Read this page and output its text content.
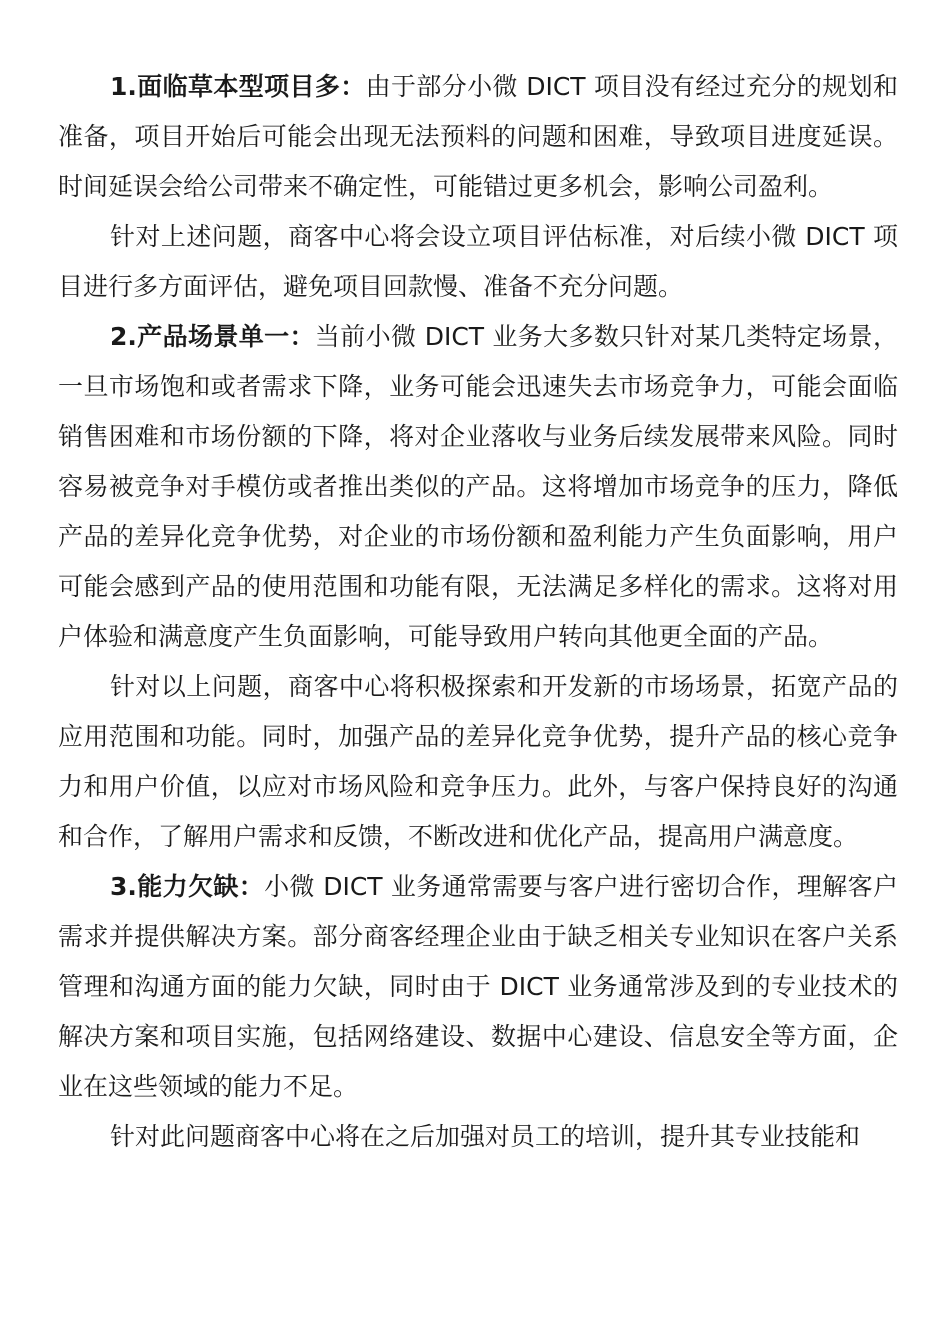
1.面临草本型项目多：由于部分小微 DICT 项目没有经过充分的规划和准备，项目开始后可能会出现无法预料的问题和困难，导致项目进度延误。时间延误会给公司带来不确定性，可能错过更多机会，影响公司盈利。

针对上述问题，商客中心将会设立项目评估标准，对后续小微 DICT 项目进行多方面评估，避免项目回款慢、准备不充分问题。

2.产品场景单一：当前小微 DICT 业务大多数只针对某几类特定场景，一旦市场饱和或者需求下降，业务可能会迅速失去市场竞争力，可能会面临销售困难和市场份额的下降，将对企业落收与业务后续发展带来风险。同时容易被竞争对手模仿或者推出类似的产品。这将增加市场竞争的压力，降低产品的差异化竞争优势，对企业的市场份额和盈利能力产生负面影响，用户可能会感到产品的使用范围和功能有限，无法满足多样化的需求。这将对用户体验和满意度产生负面影响，可能导致用户转向其他更全面的产品。

针对以上问题，商客中心将积极探索和开发新的市场场景，拓宽产品的应用范围和功能。同时，加强产品的差异化竞争优势，提升产品的核心竞争力和用户价值，以应对市场风险和竞争压力。此外，与客户保持良好的沟通和合作，了解用户需求和反馈，不断改进和优化产品，提高用户满意度。

3.能力欠缺：小微 DICT 业务通常需要与客户进行密切合作，理解客户需求并提供解决方案。部分商客经理企业由于缺乏相关专业知识在客户关系管理和沟通方面的能力欠缺，同时由于 DICT 业务通常涉及到的专业技术的解决方案和项目实施，包括网络建设、数据中心建设、信息安全等方面，企业在这些领域的能力不足。

针对此问题商客中心将在之后加强对员工的培训，提升其专业技能和
